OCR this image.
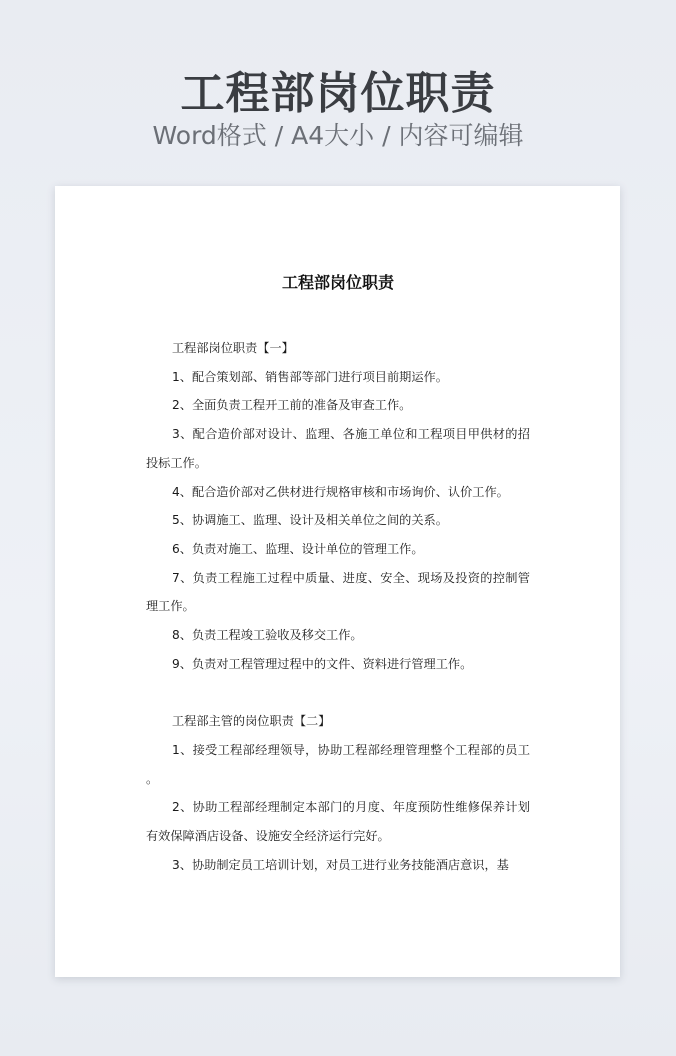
工程部岗位职责
Word格式 / A4大小 / 内容可编辑
工程部岗位职责

工程部岗位职责【一】

1、配合策划部、销售部等部门进行项目前期运作。

2、全面负责工程开工前的准备及审查工作。

3、配合造价部对设计、监理、各施工单位和工程项目甲供材的招投标工作。

4、配合造价部对乙供材进行规格审核和市场询价、认价工作。

5、协调施工、监理、设计及相关单位之间的关系。

6、负责对施工、监理、设计单位的管理工作。

7、负责工程施工过程中质量、进度、安全、现场及投资的控制管理工作。

8、负责工程竣工验收及移交工作。

9、负责对工程管理过程中的文件、资料进行管理工作。

工程部主管的岗位职责【二】

1、接受工程部经理领导，协助工程部经理管理整个工程部的员工 。

2、协助工程部经理制定本部门的月度、年度预防性维修保养计划有效保障酒店设备、设施安全经济运行完好。

3、协助制定员工培训计划，对员工进行业务技能酒店意识，基
